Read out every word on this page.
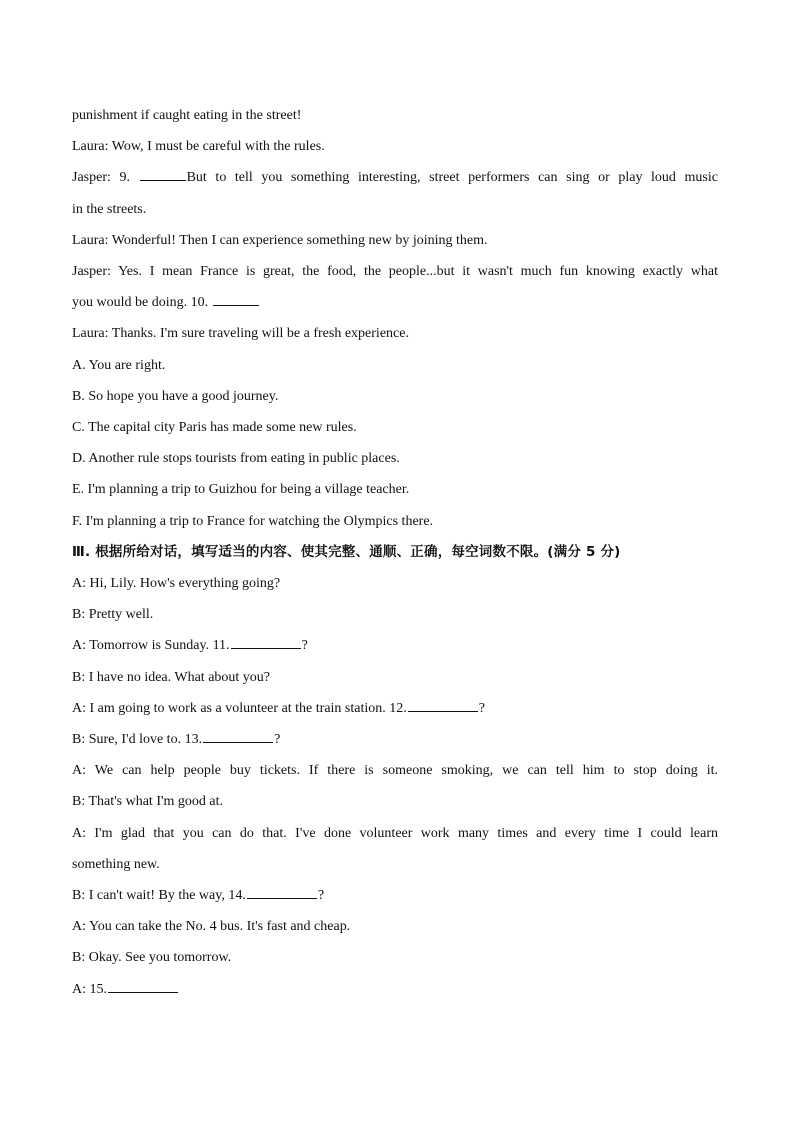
punishment if caught eating in the street!
Laura: Wow, I must be careful with the rules.
Jasper: 9.	But to tell you something interesting, street performers can sing or play loud music
in the streets.
Laura: Wonderful! Then I can experience something new by joining them.
Jasper: Yes. I mean France is great, the food, the people...but it wasn't much fun knowing exactly what
you would be doing. 10.
Laura: Thanks. I'm sure traveling will be a fresh experience.
A. You are right.
B. So hope you have a good journey.
C. The capital city Paris has made some new rules.
D. Another rule stops tourists from eating in public places.
E. I'm planning a trip to Guizhou for being a village teacher.
F. I'm planning a trip to France for watching the Olympics there.
Ⅲ. 根据所给对话，填写适当的内容、使其完整、通顺、正确，每空词数不限。(满分 5 分)
A: Hi, Lily. How's everything going?
B: Pretty well.
A: Tomorrow is Sunday. 11.	?
B: I have no idea. What about you?
A: I am going to work as a volunteer at the train station. 12.	?
B: Sure, I'd love to. 13.	?
A: We can help people buy tickets. If there is someone smoking, we can tell him to stop doing it.
B: That's what I'm good at.
A: I'm glad that you can do that. I've done volunteer work many times and every time I could learn
something new.
B: I can't wait! By the way, 14.	?
A: You can take the No. 4 bus. It's fast and cheap.
B: Okay. See you tomorrow.
A: 15.
